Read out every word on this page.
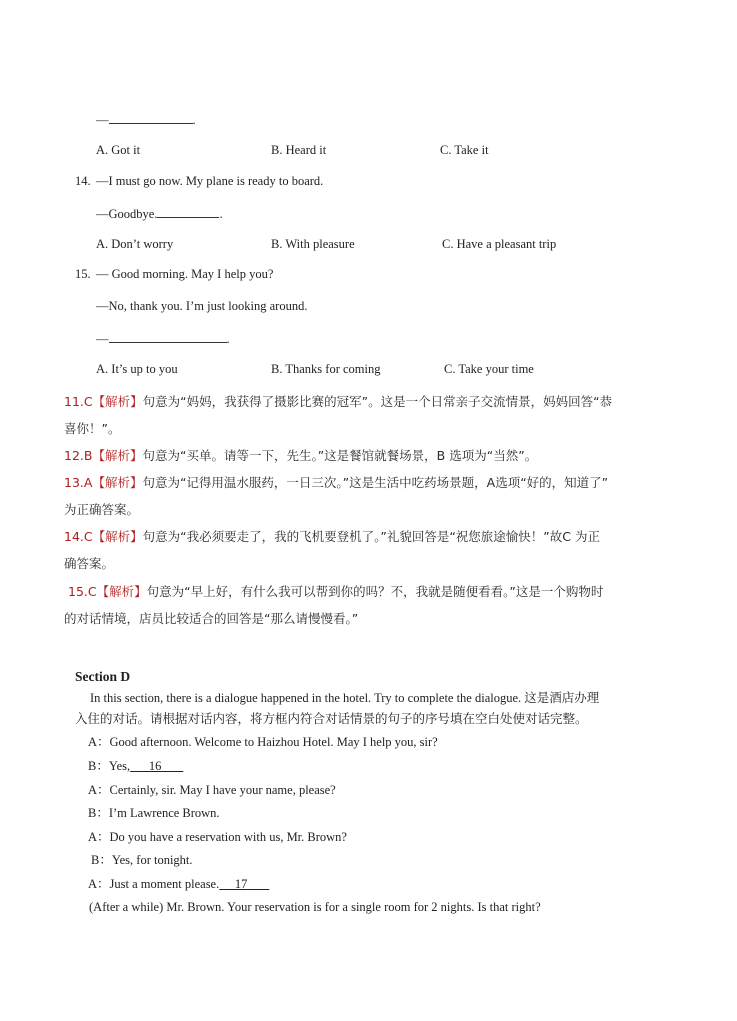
—	.
A. Got it	B. Heard it	C. Take it
14. —I must go now. My plane is ready to board.
—Goodbye.	.
A. Don’t worry	B. With pleasure	C. Have a pleasant trip
15. — Good morning. May I help you?
—No, thank you. I’m just looking around.
—	.
A. It’s up to you	B. Thanks for coming	C. Take your time
11.C【解析】句意为“妈妈，我获得了摄影比赛的冠军”。这是一个日常亲子交流情景，妈妈回答“恭
喜你！”。
12.B【解析】句意为“买单。请等一下，先生。”这是餐馆就餐场景，B 选项为“当然”。
13.A【解析】句意为“记得用温水服药，一日三次。”这是生活中吃药场景题，A选项“好的，知道了”
为正确答案。
14.C【解析】句意为“我必须要走了，我的飞机要登机了。”礼貌回答是“祝您旅途愉快！”故C 为正
确答案。
15.C【解析】句意为“早上好，有什么我可以帮到你的吗？不，我就是随便看看。”这是一个购物时
的对话情境，店员比较适合的回答是“那么请慢慢看。”
Section D
In this section, there is a dialogue happened in the hotel. Try to complete the dialogue. 这是酒店办理
入住的对话。请根据对话内容，将方框内符合对话情景的句子的序号填在空白处使对话完整。
A：Good afternoon. Welcome to Haizhou Hotel. May I help you, sir?
B：Yes, 16
A：Certainly, sir. May I have your name, please?
B：I’m Lawrence Brown.
A：Do you have a reservation with us, Mr. Brown?
B：Yes, for tonight.
A：Just a moment please. 17
(After a while) Mr. Brown. Your reservation is for a single room for 2 nights. Is that right?
